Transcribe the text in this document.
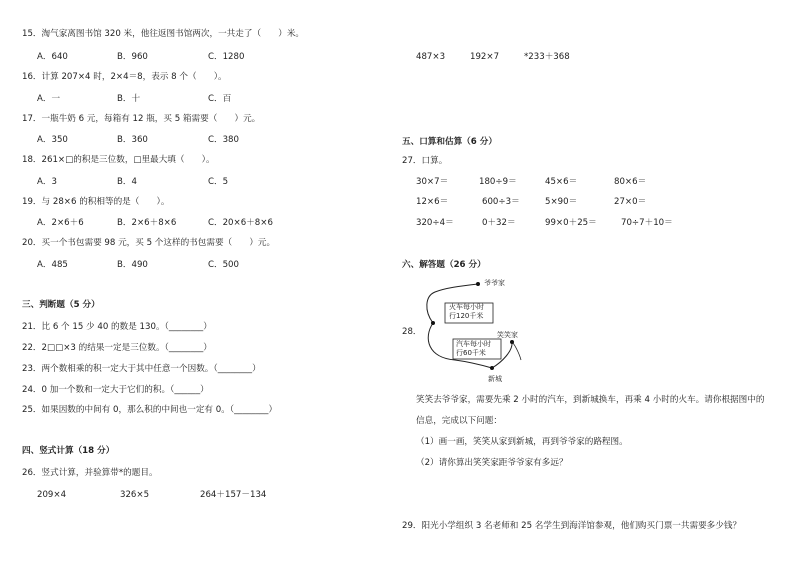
15．淘气家离图书馆 320 米，他往返图书馆两次，一共走了（　　）米。
A．640	B．960	C．1280
16．计算 207×4 时，2×4＝8，表示 8 个（　　）。
A．一	B．十	C．百
17．一瓶牛奶 6 元，每箱有 12 瓶，买 5 箱需要（　　）元。
A．350	B．360	C．380
18．261×□的积是三位数，□里最大填（　　）。
A．3	B．4	C．5
19．与 28×6 的积相等的是（　　）。
A．2×6＋6	B．2×6＋8×6	C．20×6＋8×6
20．买一个书包需要 98 元，买 5 个这样的书包需要（　　）元。
A．485	B．490	C．500
三、判断题（5 分）
21．比 6 个 15 少 40 的数是 130。（________）
22．2□□×3 的结果一定是三位数。（________）
23．两个数相乘的积一定大于其中任意一个因数。（________）
24．0 加一个数和一定大于它们的积。（______）
25．如果因数的中间有 0，那么积的中间也一定有 0。（________）
四、竖式计算（18 分）
26．竖式计算，并验算带*的题目。
209×4	326×5	264＋157－134
487×3	192×7	*233＋368
五、口算和估算（6 分）
27．口算。
30×7＝	180÷9＝	45×6＝	80×6＝
12×6＝	600÷3＝	5×90＝	27×0＝
320÷4＝	0＋32＝	99×0＋25＝	70÷7＋10＝
六、解答题（26 分）
28．
爷爷家
火车每小时
行120千米
笑笑家
汽车每小时
行60千米
新城
笑笑去爷爷家，需要先乘 2 小时的汽车，到新城换车，再乘 4 小时的火车。请你根据图中的
信息，完成以下问题：
（1）画一画，笑笑从家到新城，再到爷爷家的路程图。
（2）请你算出笑笑家距爷爷家有多远？
29．阳光小学组织 3 名老师和 25 名学生到海洋馆参观，他们购买门票一共需要多少钱？
